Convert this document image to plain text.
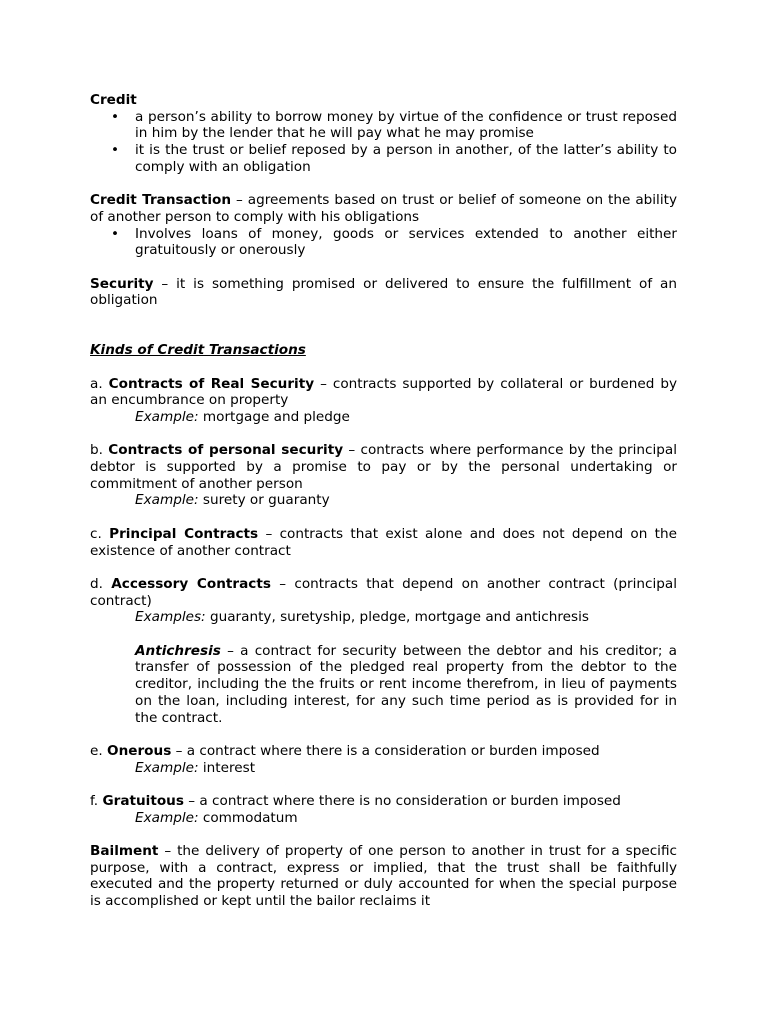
Credit

• a person’s ability to borrow money by virtue of the confidence or trust reposed in him by the lender that he will pay what he may promise
• it is the trust or belief reposed by a person in another, of the latter’s ability to comply with an obligation

Credit Transaction – agreements based on trust or belief of someone on the ability of another person to comply with his obligations

• Involves loans of money, goods or services extended to another either gratuitously or onerously

Security – it is something promised or delivered to ensure the fulfillment of an obligation

Kinds of Credit Transactions

a. Contracts of Real Security – contracts supported by collateral or burdened by an encumbrance on property

Example: mortgage and pledge

b. Contracts of personal security – contracts where performance by the principal debtor is supported by a promise to pay or by the personal undertaking or commitment of another person

Example: surety or guaranty

c. Principal Contracts – contracts that exist alone and does not depend on the existence of another contract

d. Accessory Contracts – contracts that depend on another contract (principal contract)

Examples: guaranty, suretyship, pledge, mortgage and antichresis

Antichresis – a contract for security between the debtor and his creditor; a transfer of possession of the pledged real property from the debtor to the creditor, including the the fruits or rent income therefrom, in lieu of payments on the loan, including interest, for any such time period as is provided for in the contract.

e. Onerous – a contract where there is a consideration or burden imposed

Example: interest

f. Gratuitous – a contract where there is no consideration or burden imposed

Example: commodatum

Bailment – the delivery of property of one person to another in trust for a specific purpose, with a contract, express or implied, that the trust shall be faithfully executed and the property returned or duly accounted for when the special purpose is accomplished or kept until the bailor reclaims it
